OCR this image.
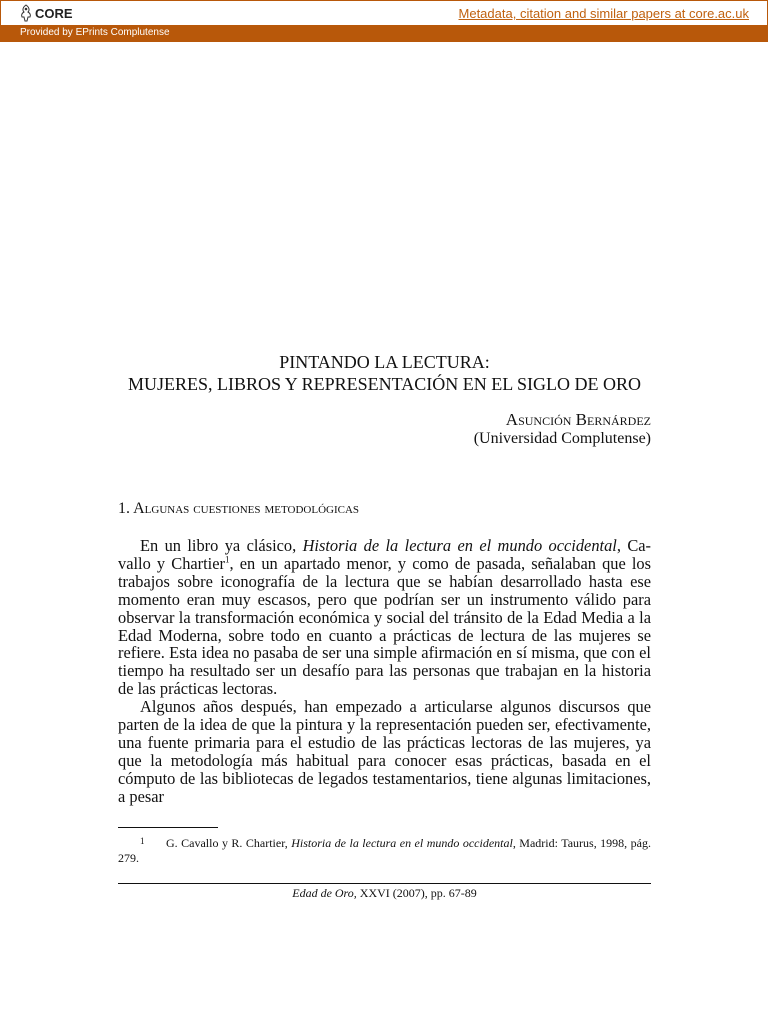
CORE	Metadata, citation and similar papers at core.ac.uk
Provided by EPrints Complutense
PINTANDO LA LECTURA:
MUJERES, LIBROS Y REPRESENTACIÓN EN EL SIGLO DE ORO
Asunción Bernárdez
(Universidad Complutense)
1. Algunas cuestiones metodológicas

En un libro ya clásico, Historia de la lectura en el mundo occidental, Ca-vallo y Chartier$^1$, en un apartado menor, y como de pasada, señalaban que los trabajos sobre iconografía de la lectura que se habían desarrollado hasta ese momento eran muy escasos, pero que podrían ser un instrumento válido para observar la transformación económica y social del tránsito de la Edad Media a la Edad Moderna, sobre todo en cuanto a prácticas de lectura de las mujeres se refiere. Esta idea no pasaba de ser una simple afirmación en sí misma, que con el tiempo ha resultado ser un desafío para las personas que trabajan en la historia de las prácticas lectoras.

Algunos años después, han empezado a articularse algunos discursos que parten de la idea de que la pintura y la representación pueden ser, efectivamente, una fuente primaria para el estudio de las prácticas lectoras de las mujeres, ya que la metodología más habitual para conocer esas prácticas, basada en el cómputo de las bibliotecas de legados testamentarios, tiene algunas limitaciones, a pesar

1 G. Cavallo y R. Chartier, Historia de la lectura en el mundo occidental, Madrid: Taurus, 1998, pág. 279.
Edad de Oro, XXVI (2007), pp. 67-89
